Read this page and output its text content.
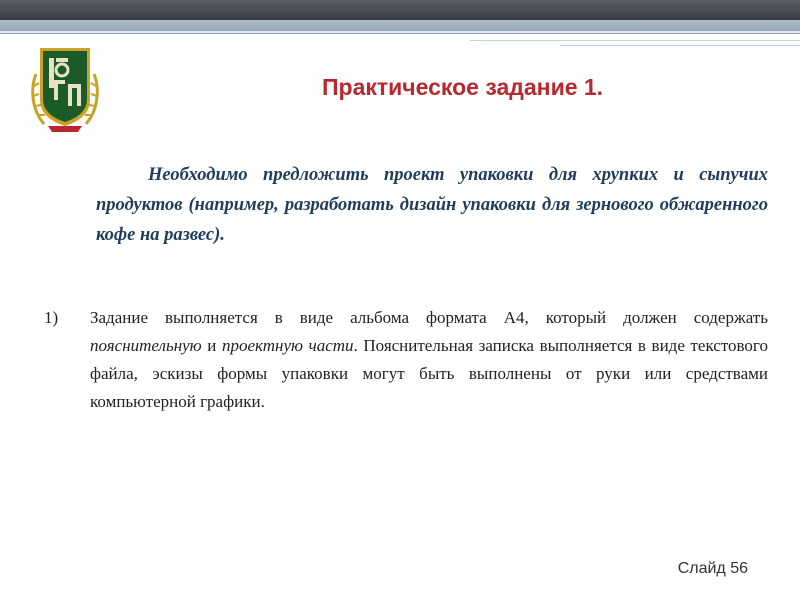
Практическое задание 1.

Необходимо предложить проект упаковки для хрупких и сыпучих продуктов (например, разработать дизайн упаковки для зернового обжаренного кофе на развес).

1)	Задание выполняется в виде альбома формата А4, который должен содержать пояснительную и проектную части. Пояснительная записка выполняется в виде текстового файла, эскизы формы упаковки могут быть выполнены от руки или средствами компьютерной графики.

Слайд 56
